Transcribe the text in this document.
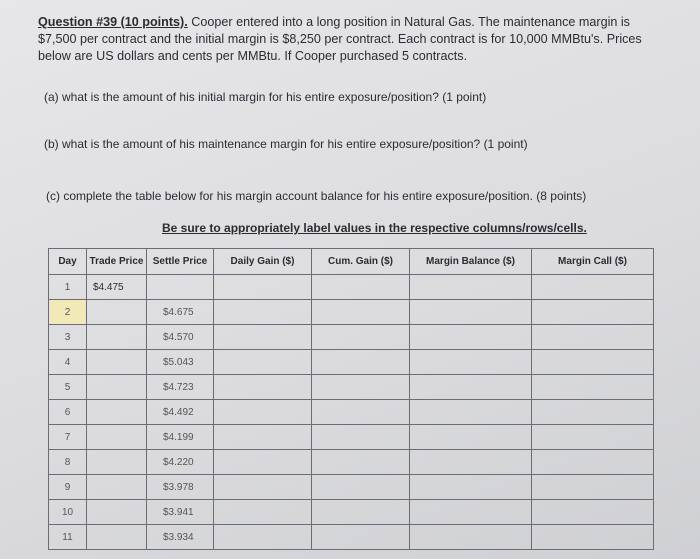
Question #39 (10 points). Cooper entered into a long position in Natural Gas. The maintenance margin is $7,500 per contract and the initial margin is $8,250 per contract. Each contract is for 10,000 MMBtu's. Prices below are US dollars and cents per MMBtu. If Cooper purchased 5 contracts.
(a) what is the amount of his initial margin for his entire exposure/position? (1 point)
(b) what is the amount of his maintenance margin for his entire exposure/position? (1 point)
(c) complete the table below for his margin account balance for his entire exposure/position. (8 points)
Be sure to appropriately label values in the respective columns/rows/cells.
Day	Trade Price	Settle Price	Daily Gain ($)	Cum. Gain ($)	Margin Balance ($)	Margin Call ($)
1	$4.475					
2		$4.675				
3		$4.570				
4		$5.043				
5		$4.723				
6		$4.492				
7		$4.199				
8		$4.220				
9		$3.978				
10		$3.941				
11		$3.934				
